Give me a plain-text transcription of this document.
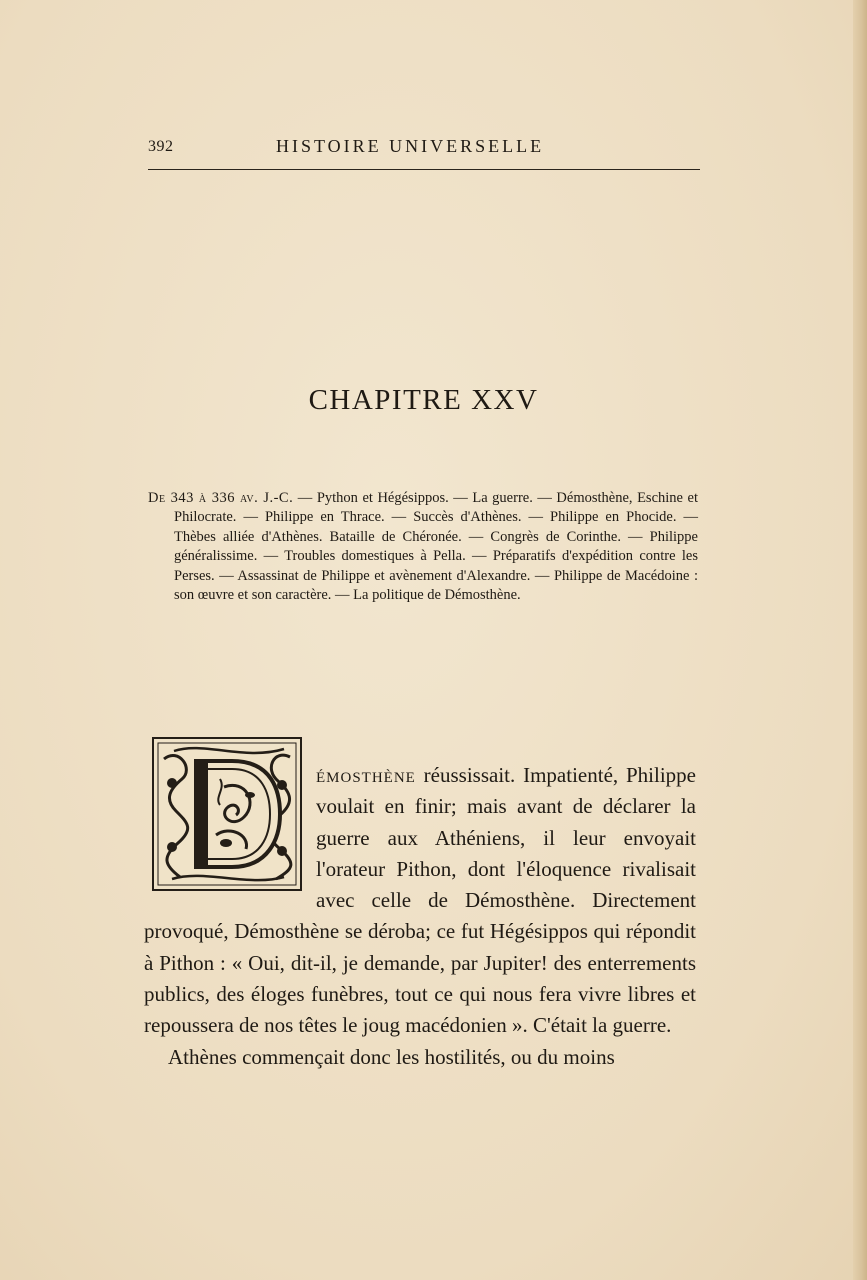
392	HISTOIRE UNIVERSELLE
CHAPITRE XXV
De 343 à 336 av. J.-C. — Python et Hégésippos. — La guerre. — Démosthène, Eschine et Philocrate. — Philippe en Thrace. — Succès d'Athènes. — Philippe en Phocide. — Thèbes alliée d'Athènes. Bataille de Chéronée. — Congrès de Corinthe. — Philippe généralissime. — Troubles domestiques à Pella. — Préparatifs d'expédition contre les Perses. — Assassinat de Philippe et avènement d'Alexandre. — Philippe de Macédoine : son œuvre et son caractère. — La politique de Démosthène.

émosthène réussissait. Impatienté, Philippe voulait en finir; mais avant de déclarer la guerre aux Athéniens, il leur envoyait l'orateur Pithon, dont l'éloquence rivalisait avec celle de Démosthène. Directement provoqué, Démosthène se déroba; ce fut Hégésippos qui répondit à Pithon : « Oui, dit-il, je demande, par Jupiter! des enterrements publics, des éloges funèbres, tout ce qui nous fera vivre libres et repoussera de nos têtes le joug macédonien ». C'était la guerre.

Athènes commençait donc les hostilités, ou du moins
